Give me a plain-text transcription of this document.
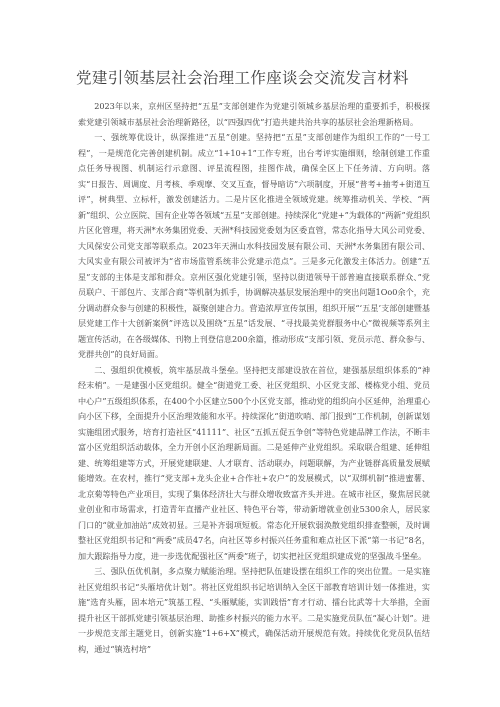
党建引领基层社会治理工作座谈会交流发言材料

2023年以来，京州区坚持把“五星”支部创建作为党建引领城乡基层治理的重要抓手，积极探索党建引领城市基层社会治理新路径，以“四强四优”打造共建共治共享的基层社会治理新格局。

一、强统筹优设计，纵深推进“五星”创建。坚持把“五星”支部创建作为组织工作的“一号工程”，一是规范化完善创建机制。成立“1+10+1”工作专班，出台考评实施细则，绘制创建工作重点任务导视图、机制运行示意图、评星流程图，挂图作战，确保全区上下任务清、方向明。落实“日报告、周调度、月考核、季观摩、交叉互查，督导暗访”六项制度，开展“普考+抽考+街道互评”，树典型、立标杆，激发创建活力。二是片区化推进全领域党建。统筹推动机关、学校、“两新”组织、公立医院、国有企业等各领域“五星”支部创建。持续深化“党建+”为载体的“两新”党组织片区化管理，将天洲*水务集团党委、天洲*科技园党委划为区委直管，常态化指导大风公司党委、大风保安公司党支部等联系点。2023年天洲山水科技园发展有限公司、天洲*水务集团有限公司、大风实业有限公司被评为“省市场监管系统非公党建示范点”。三是多元化激发主体活力。创建“五星”支部的主体是支部和群众。京州区强化党建引领，坚持以街道领导干部普遍直接联系群众、”党员联户、干部包片、支部合商”等机制为抓手，协调解决基层发展治理中的突出问题1Oo0余个，充分调动群众参与创建的积极性，凝聚创建合力。营造浓厚宣传氛围，组织开展“‘五星’支部创建暨基层党建工作十大创新案例”评选以及围绕“五星”话发展、“寻找最美党群服务中心”微视频等系列主题宣传活动，在各级媒体、刊物上刊登信息200余篇，推动形成“支部引领、党员示范、群众参与、党群共创”的良好局面。

二、强组织优模板，筑牢基层战斗堡垒。坚持把支部建设放在首位，建强基层组织体系的“神经末梢”。一是建强小区党组织。健全“街道党工委、社区党组织、小区党支部、楼栋党小组、党员中心户”五级组织体系，在400个小区建立500个小区党支部，推动党的组织向小区延伸，治理重心向小区下移，全面提升小区治理效能和水平。持续深化“街道吹哨、部门报到”工作机制，创新谋划实施组团式服务，培育打造社区“41111”、社区“五抓五促五争创”等特色党建品牌工作法，不断丰富小区党组织活动载体，全力开创小区治理新局面。二是延伸产业党组织。采取联合组建、延伸组建、统筹组建等方式，开展党建联建、人才联育、活动联办，问题联解，为产业链群高质量发展赋能增效。在农村，推行“党支部+龙头企业+合作社+农户”的发展模式，以“双绑机制”推进蜜薯、北京菊等特色产业项目，实现了集体经济壮大与群众增收致富齐头并进。在城市社区，聚焦居民就业创业和市场需求，打造青年直播产业社区、特色平台等，带动新增就业创业5300余人，居民家门口的“就业加油站”成效初显。三是补齐弱项短板。常态化开展软弱涣散党组织排查整顿，及时调整社区党组织书记和“两委”成员47名，向社区等乡村振兴任务重和难点社区下派“第一书记”8名，加大跟踪指导力度，进一步选优配强社区“两委”班子，切实把社区党组织建成党的坚强战斗堡垒。

三、强队伍优机制，多点聚力赋能治理。坚持把队伍建设摆在组织工作的突出位置。一是实施社区党组织书记“头雁培优计划”。将社区党组织书记培训纳入全区干部教育培训计划一体推进，实施“选育头雁，固本培元”筑基工程、“头雁赋能，实训践悟”育才行动、擂台比武等十大举措，全面提升社区干部抓党建引领基层治理、助推乡村振兴的能力水平。二是实施党员队伍“凝心计划”。进一步规范支部主题党日，创新实施“1+6+X”模式，确保活动开展规范有效。持续优化党员队伍结构，通过“镇选村培”
